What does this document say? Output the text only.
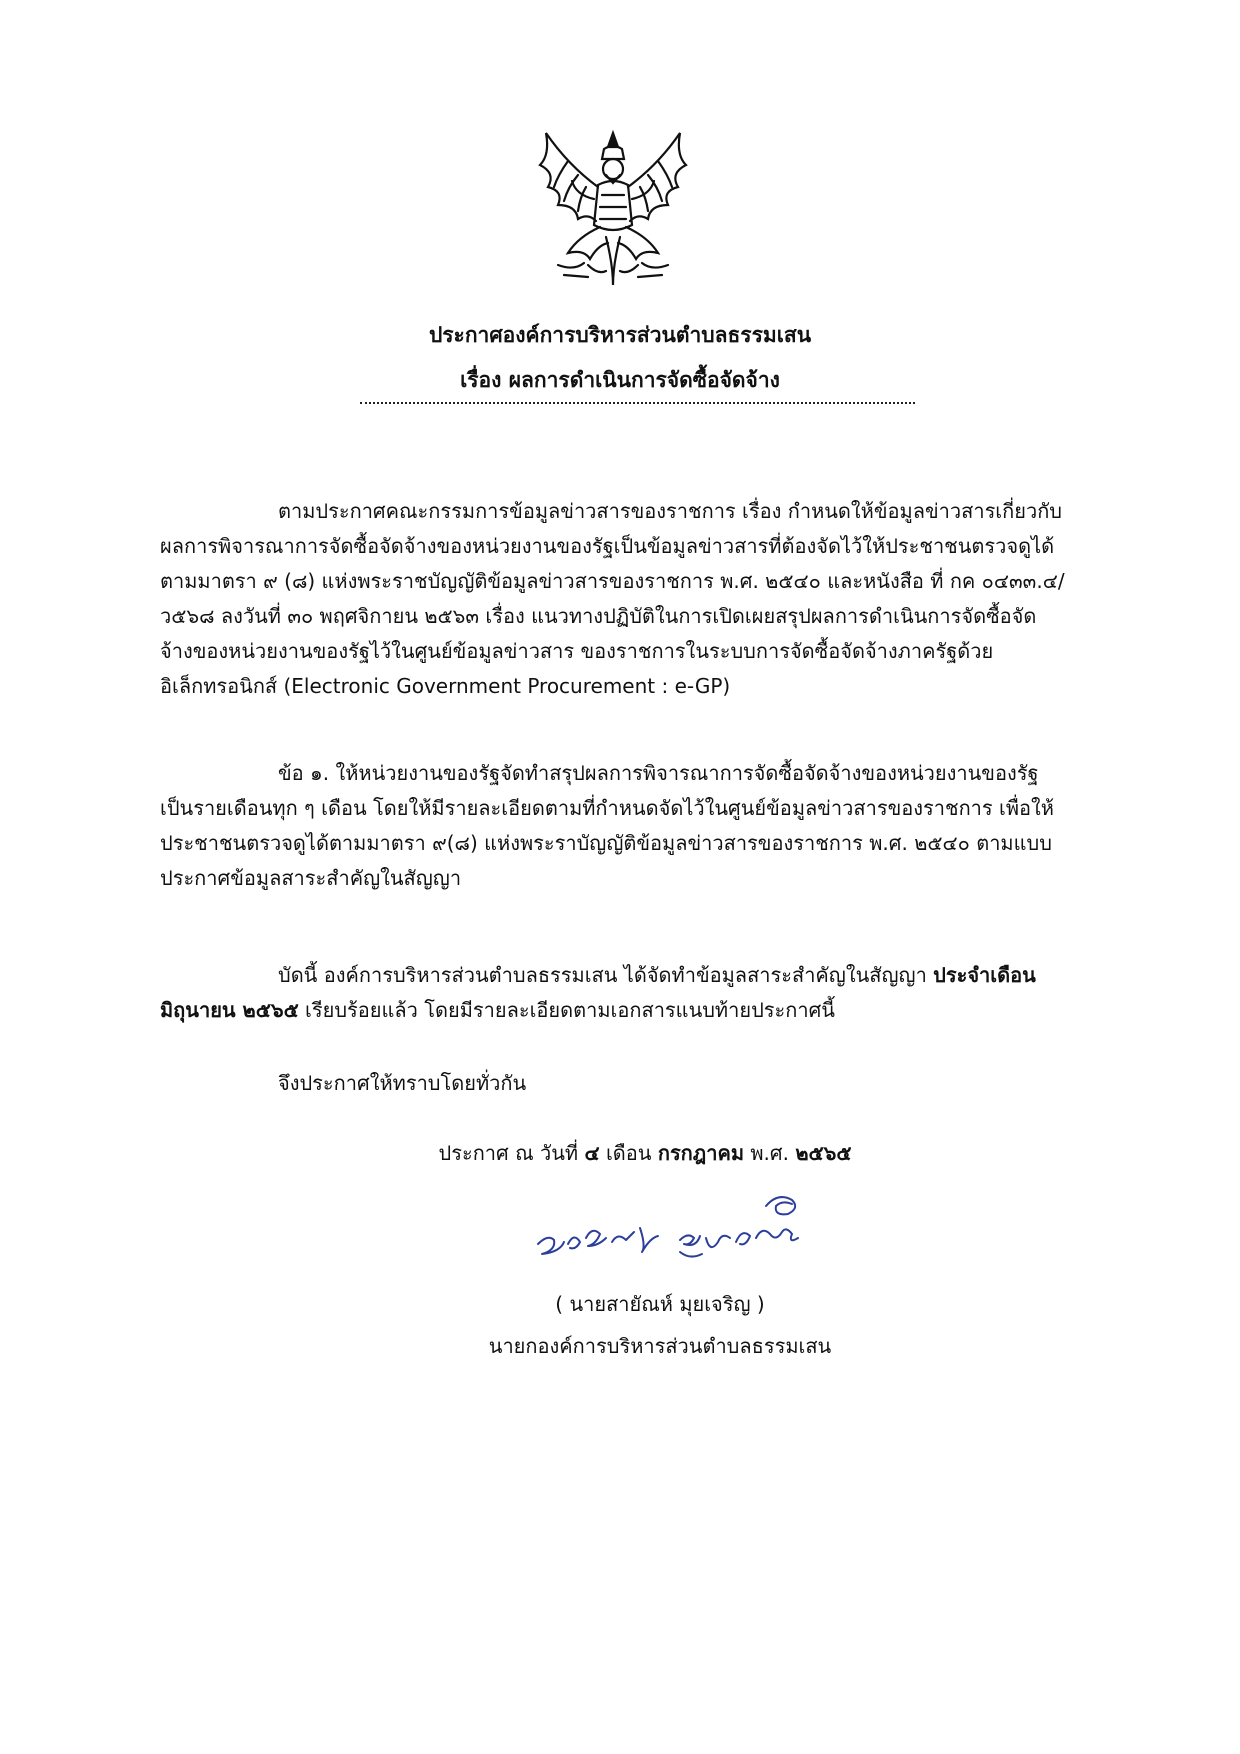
ประกาศองค์การบริหารส่วนตำบลธรรมเสน
เรื่อง ผลการดำเนินการจัดซื้อจัดจ้าง
ตามประกาศคณะกรรมการข้อมูลข่าวสารของราชการ เรื่อง กำหนดให้ข้อมูลข่าวสารเกี่ยวกับ
ผลการพิจารณาการจัดซื้อจัดจ้างของหน่วยงานของรัฐเป็นข้อมูลข่าวสารที่ต้องจัดไว้ให้ประชาชนตรวจดูได้
ตามมาตรา ๙ (๘) แห่งพระราชบัญญัติข้อมูลข่าวสารของราชการ พ.ศ. ๒๕๔๐ และหนังสือ ที่ กค ๐๔๓๓.๔/
ว๕๖๘ ลงวันที่ ๓๐ พฤศจิกายน ๒๕๖๓ เรื่อง แนวทางปฏิบัติในการเปิดเผยสรุปผลการดำเนินการจัดซื้อจัด
จ้างของหน่วยงานของรัฐไว้ในศูนย์ข้อมูลข่าวสาร ของราชการในระบบการจัดซื้อจัดจ้างภาครัฐด้วย
อิเล็กทรอนิกส์ (Electronic Government Procurement : e-GP)
ข้อ ๑. ให้หน่วยงานของรัฐจัดทำสรุปผลการพิจารณาการจัดซื้อจัดจ้างของหน่วยงานของรัฐ
เป็นรายเดือนทุก ๆ เดือน โดยให้มีรายละเอียดตามที่กำหนดจัดไว้ในศูนย์ข้อมูลข่าวสารของราชการ เพื่อให้
ประชาชนตรวจดูได้ตามมาตรา ๙(๘) แห่งพระราบัญญัติข้อมูลข่าวสารของราชการ พ.ศ. ๒๕๔๐ ตามแบบ
ประกาศข้อมูลสาระสำคัญในสัญญา
บัดนี้ องค์การบริหารส่วนตำบลธรรมเสน ได้จัดทำข้อมูลสาระสำคัญในสัญญา ประจำเดือน
มิถุนายน ๒๕๖๕ เรียบร้อยแล้ว โดยมีรายละเอียดตามเอกสารแนบท้ายประกาศนี้
จึงประกาศให้ทราบโดยทั่วกัน
ประกาศ ณ วันที่ ๔ เดือน กรกฎาคม พ.ศ. ๒๕๖๕
( นายสายัณห์ มุยเจริญ )
นายกองค์การบริหารส่วนตำบลธรรมเสน
